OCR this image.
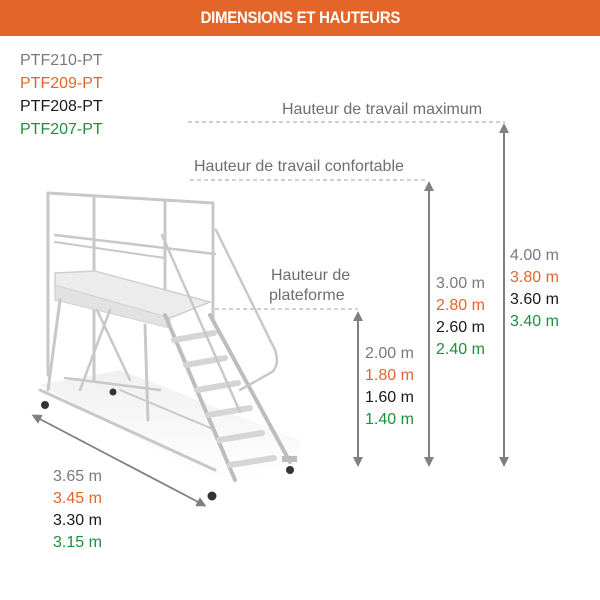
DIMENSIONS ET HAUTEURS
PTF210-PT
PTF209-PT
PTF208-PT
PTF207-PT
Hauteur de travail maximum
Hauteur de travail confortable
Hauteur de
plateforme
4.00 m
3.80 m
3.60 m
3.40 m
3.00 m
2.80 m
2.60 m
2.40 m
2.00 m
1.80 m
1.60 m
1.40 m
3.65 m
3.45 m
3.30 m
3.15 m
